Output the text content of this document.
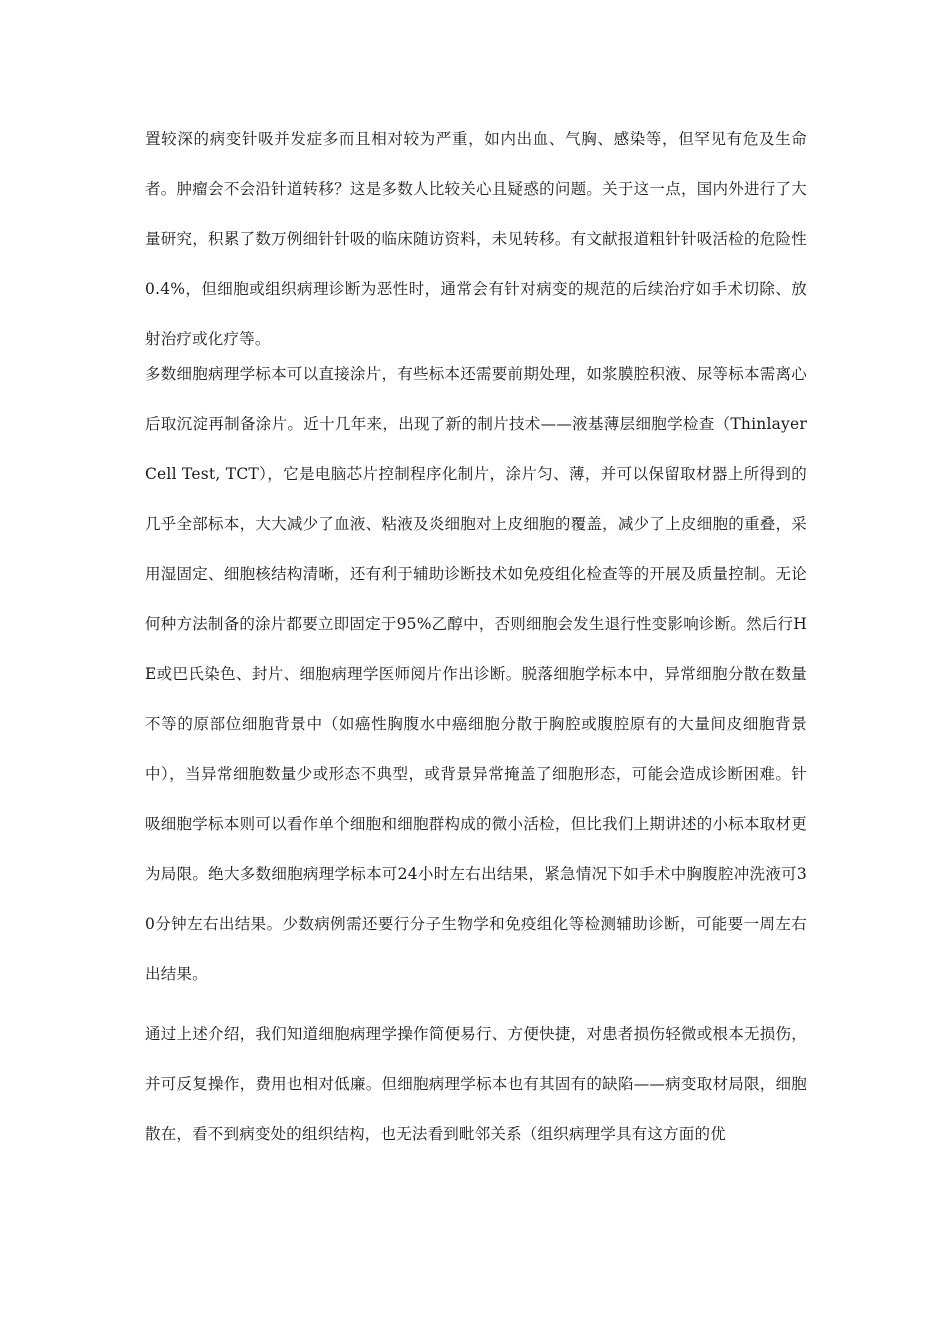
置较深的病变针吸并发症多而且相对较为严重，如内出血、气胸、感染等，但罕见有危及生命者。肿瘤会不会沿针道转移？这是多数人比较关心且疑惑的问题。关于这一点，国内外进行了大量研究，积累了数万例细针针吸的临床随访资料，未见转移。有文献报道粗针针吸活检的危险性0.4%，但细胞或组织病理诊断为恶性时，通常会有针对病变的规范的后续治疗如手术切除、放射治疗或化疗等。

多数细胞病理学标本可以直接涂片，有些标本还需要前期处理，如浆膜腔积液、尿等标本需离心后取沉淀再制备涂片。近十几年来，出现了新的制片技术——液基薄层细胞学检查（Thinlayer Cell Test, TCT），它是电脑芯片控制程序化制片，涂片匀、薄，并可以保留取材器上所得到的几乎全部标本，大大减少了血液、粘液及炎细胞对上皮细胞的覆盖，减少了上皮细胞的重叠，采用湿固定、细胞核结构清晰，还有利于辅助诊断技术如免疫组化检查等的开展及质量控制。无论何种方法制备的涂片都要立即固定于95%乙醇中，否则细胞会发生退行性变影响诊断。然后行HE或巴氏染色、封片、细胞病理学医师阅片作出诊断。脱落细胞学标本中，异常细胞分散在数量不等的原部位细胞背景中（如癌性胸腹水中癌细胞分散于胸腔或腹腔原有的大量间皮细胞背景中），当异常细胞数量少或形态不典型，或背景异常掩盖了细胞形态，可能会造成诊断困难。针吸细胞学标本则可以看作单个细胞和细胞群构成的微小活检，但比我们上期讲述的小标本取材更为局限。绝大多数细胞病理学标本可24小时左右出结果，紧急情况下如手术中胸腹腔冲洗液可30分钟左右出结果。少数病例需还要行分子生物学和免疫组化等检测辅助诊断，可能要一周左右出结果。

通过上述介绍，我们知道细胞病理学操作简便易行、方便快捷，对患者损伤轻微或根本无损伤，并可反复操作，费用也相对低廉。但细胞病理学标本也有其固有的缺陷——病变取材局限，细胞散在，看不到病变处的组织结构，也无法看到毗邻关系（组织病理学具有这方面的优
